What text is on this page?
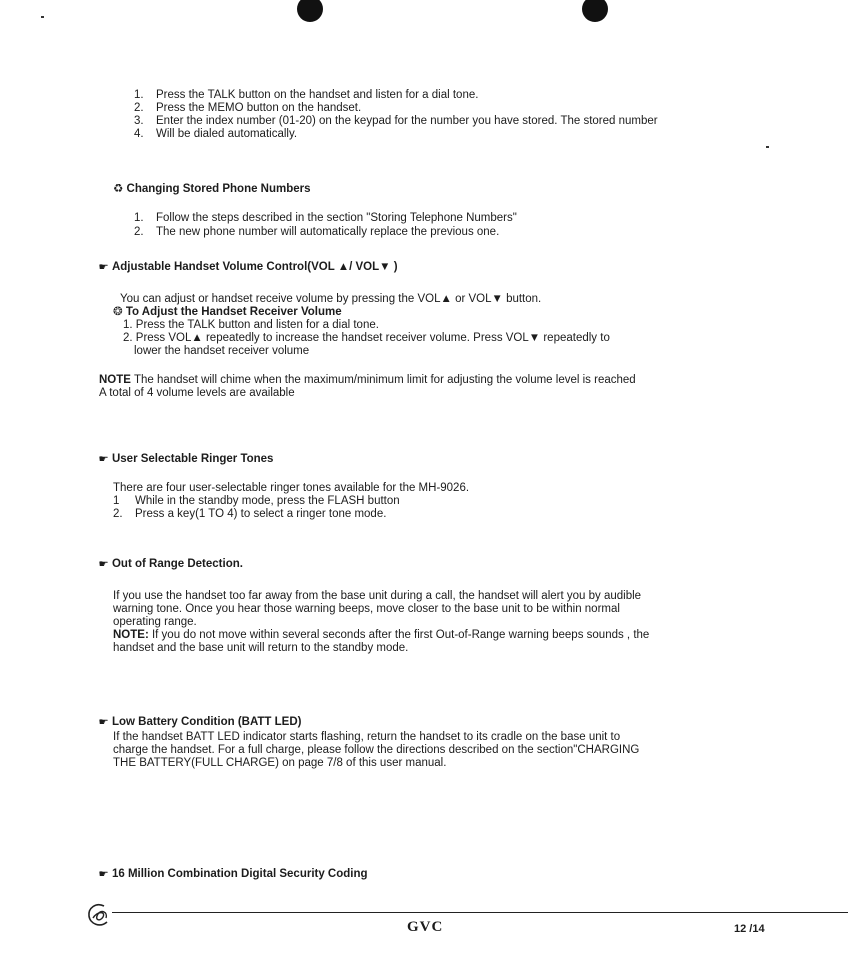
1. Press the TALK button on the handset and listen for a dial tone.
2. Press the MEMO button on the handset.
3. Enter the index number (01-20) on the keypad for the number you have stored. The stored number
4. Will be dialed automatically.
♻ Changing Stored Phone Numbers
1. Follow the steps described in the section "Storing Telephone Numbers"
2. The new phone number will automatically replace the previous one.
☛ Adjustable Handset Volume Control(VOL ▲/ VOL▼ )
You can adjust or handset receive volume by pressing the VOL▲ or VOL▼ button.
❂ To Adjust the Handset Receiver Volume
1. Press the TALK button and listen for a dial tone.
2. Press VOL▲ repeatedly to increase the handset receiver volume. Press VOL▼ repeatedly to
lower the handset receiver volume
NOTE The handset will chime when the maximum/minimum limit for adjusting the volume level is reached
A total of 4 volume levels are available
☛ User Selectable Ringer Tones
There are four user-selectable ringer tones available for the MH-9026.
1 While in the standby mode, press the FLASH button
2. Press a key(1 TO 4) to select a ringer tone mode.
☛ Out of Range Detection.
If you use the handset too far away from the base unit during a call, the handset will alert you by audible
warning tone. Once you hear those warning beeps, move closer to the base unit to be within normal
operating range.
NOTE: If you do not move within several seconds after the first Out-of-Range warning beeps sounds , the
handset and the base unit will return to the standby mode.
☛ Low Battery Condition (BATT LED)
If the handset BATT LED indicator starts flashing, return the handset to its cradle on the base unit to
charge the handset. For a full charge, please follow the directions described on the section"CHARGING
THE BATTERY(FULL CHARGE) on page 7/8 of this user manual.
☛ 16 Million Combination Digital Security Coding
GVC	12 /14
